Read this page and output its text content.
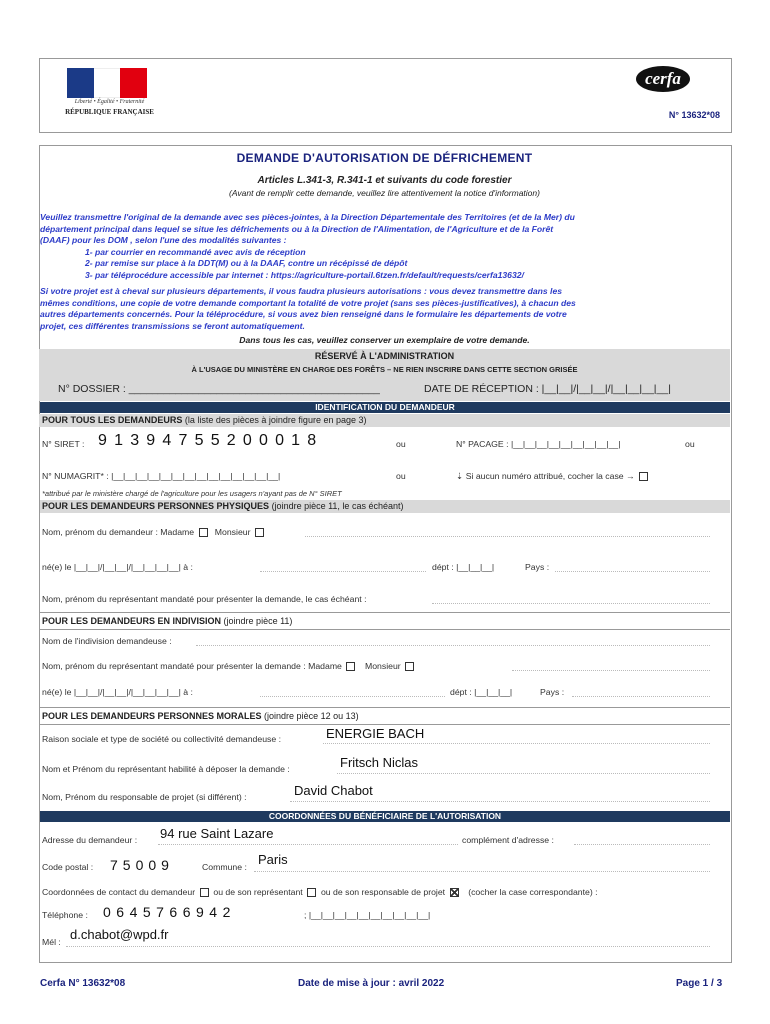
Liberté • Égalité • Fraternité
RÉPUBLIQUE FRANÇAISE
cerfa
N° 13632*08
DEMANDE D'AUTORISATION DE DÉFRICHEMENT
Articles L.341-3, R.341-1 et suivants du code forestier
(Avant de remplir cette demande, veuillez lire attentivement la notice d'information)
Veuillez transmettre l'original de la demande avec ses pièces-jointes, à la Direction Départementale des Territoires (et de la Mer) du
département principal dans lequel se situe les défrichements ou à la Direction de l'Alimentation, de l'Agriculture et de la Forêt
(DAAF) pour les DOM , selon l'une des modalités suivantes :
1- par courrier en recommandé avec avis de réception
2- par remise sur place à la DDT(M) ou à la DAAF, contre un récépissé de dépôt
3- par téléprocédure accessible par internet : https://agriculture-portail.6tzen.fr/default/requests/cerfa13632/
Si votre projet est à cheval sur plusieurs départements, il vous faudra plusieurs autorisations : vous devez transmettre dans les
mêmes conditions, une copie de votre demande comportant la totalité de votre projet (sans ses pièces-justificatives), à chacun des
autres départements concernés. Pour la téléprocédure, si vous avez bien renseigné dans le formulaire les départements de votre
projet, ces différentes transmissions se feront automatiquement.
Dans tous les cas, veuillez conserver un exemplaire de votre demande.
RÉSERVÉ À L'ADMINISTRATION
À L'USAGE DU MINISTÈRE EN CHARGE DES FORÊTS – NE RIEN INSCRIRE DANS CETTE SECTION GRISÉE
N° DOSSIER : ___________________________________________	DATE DE RÉCEPTION : |__|__|/|__|__|/|__|__|__|__|
IDENTIFICATION DU DEMANDEUR
POUR TOUS LES DEMANDEURS (la liste des pièces à joindre figure en page 3)
N° SIRET : 91394755200018	ou	N° PACAGE : |__|__|__|__|__|__|__|__|__|	ou
N° NUMAGRIT* : |__|__|__|__|__|__|__|__|__|__|__|__|__|__|	ou	⇣ Si aucun numéro attribué, cocher la case →
*attribué par le ministère chargé de l'agriculture pour les usagers n'ayant pas de N° SIRET
POUR LES DEMANDEURS PERSONNES PHYSIQUES (joindre pièce 11, le cas échéant)
Nom, prénom du demandeur : Madame Monsieur
né(e) le |__|__|/|__|__|/|__|__|__|__| à :	dépt : |__|__|__|	Pays :
Nom, prénom du représentant mandaté pour présenter la demande, le cas échéant :
POUR LES DEMANDEURS EN INDIVISION (joindre pièce 11)
Nom de l'indivision demandeuse :
Nom, prénom du représentant mandaté pour présenter la demande : Madame	Monsieur
né(e) le |__|__|/|__|__|/|__|__|__|__| à :	dépt : |__|__|__|	Pays :
POUR LES DEMANDEURS PERSONNES MORALES (joindre pièce 12 ou 13)
Raison sociale et type de société ou collectivité demandeuse :	ENERGIE BACH
Nom et Prénom du représentant habilité à déposer la demande :	Fritsch Niclas
Nom, Prénom du responsable de projet (si différent) :	David Chabot
COORDONNÉES DU BÉNÉFICIAIRE DE L'AUTORISATION
Adresse du demandeur : 94 rue Saint Lazare	complément d'adresse :
Code postal : 75009	Commune : Paris
Coordonnées de contact du demandeur ou de son représentant ou de son responsable de projet	(cocher la case correspondante) :
Téléphone : 0645766942	; |__|__|__|__|__|__|__|__|__|__|
Mél : d.chabot@wpd.fr
Cerfa N° 13632*08	Date de mise à jour : avril 2022	Page 1 / 3
